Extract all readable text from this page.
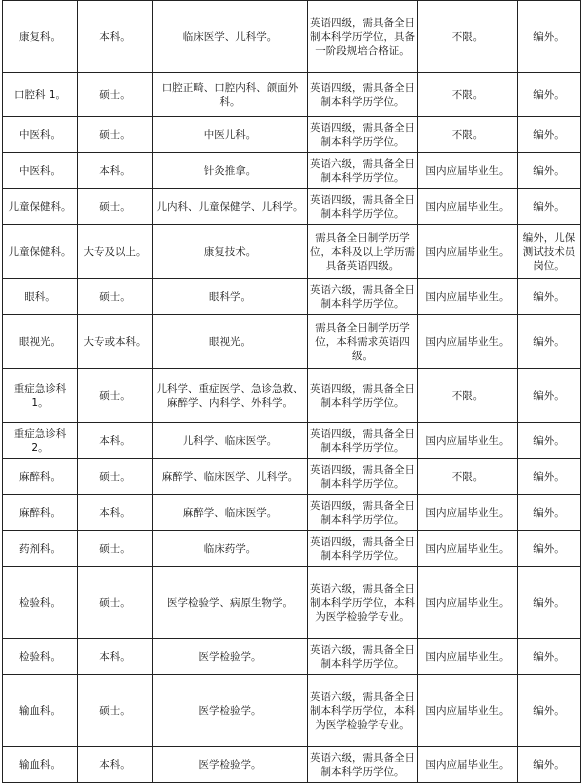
康复科。	本科。	临床医学、儿科学。	英语四级，需具备全日制本科学历学位，具备一阶段规培合格证。	不限。	编外。
口腔科 1。	硕士。	口腔正畸、口腔内科、颌面外科。	英语四级，需具备全日制本科学历学位。	不限。	编外。
中医科。	硕士。	中医儿科。	英语四级，需具备全日制本科学历学位。	不限。	编外。
中医科。	本科。	针灸推拿。	英语六级，需具备全日制本科学历学位。	国内应届毕业生。	编外。
儿童保健科。	硕士。	儿内科、儿童保健学、儿科学。	英语四级，需具备全日制本科学历学位。	国内应届毕业生。	编外。
儿童保健科。	大专及以上。	康复技术。	需具备全日制学历学位，本科及以上学历需具备英语四级。	国内应届毕业生。	编外，儿保测试技术员岗位。
眼科。	硕士。	眼科学。	英语六级，需具备全日制本科学历学位。	国内应届毕业生。	编外。
眼视光。	大专或本科。	眼视光。	需具备全日制学历学位，本科需求英语四级。	国内应届毕业生。	编外。
重症急诊科 1。	硕士。	儿科学、重症医学、急诊急救、麻醉学、内科学、外科学。	英语四级，需具备全日制本科学历学位。	不限。	编外。
重症急诊科 2。	本科。	儿科学、临床医学。	英语四级，需具备全日制本科学历学位。	国内应届毕业生。	编外。
麻醉科。	硕士。	麻醉学、临床医学、儿科学。	英语四级，需具备全日制本科学历学位。	不限。	编外。
麻醉科。	本科。	麻醉学、临床医学。	英语四级，需具备全日制本科学历学位。	国内应届毕业生。	编外。
药剂科。	硕士。	临床药学。	英语四级，需具备全日制本科学历学位。	国内应届毕业生。	编外。
检验科。	硕士。	医学检验学、病原生物学。	英语六级，需具备全日制本科学历学位，本科为医学检验学专业。	国内应届毕业生。	编外。
检验科。	本科。	医学检验学。	英语六级，需具备全日制本科学历学位。	国内应届毕业生。	编外。
输血科。	硕士。	医学检验学。	英语六级，需具备全日制本科学历学位，本科为医学检验学专业。	国内应届毕业生。	编外。
输血科。	本科。	医学检验学。	英语六级，需具备全日制本科学历学位。	国内应届毕业生。	编外。
